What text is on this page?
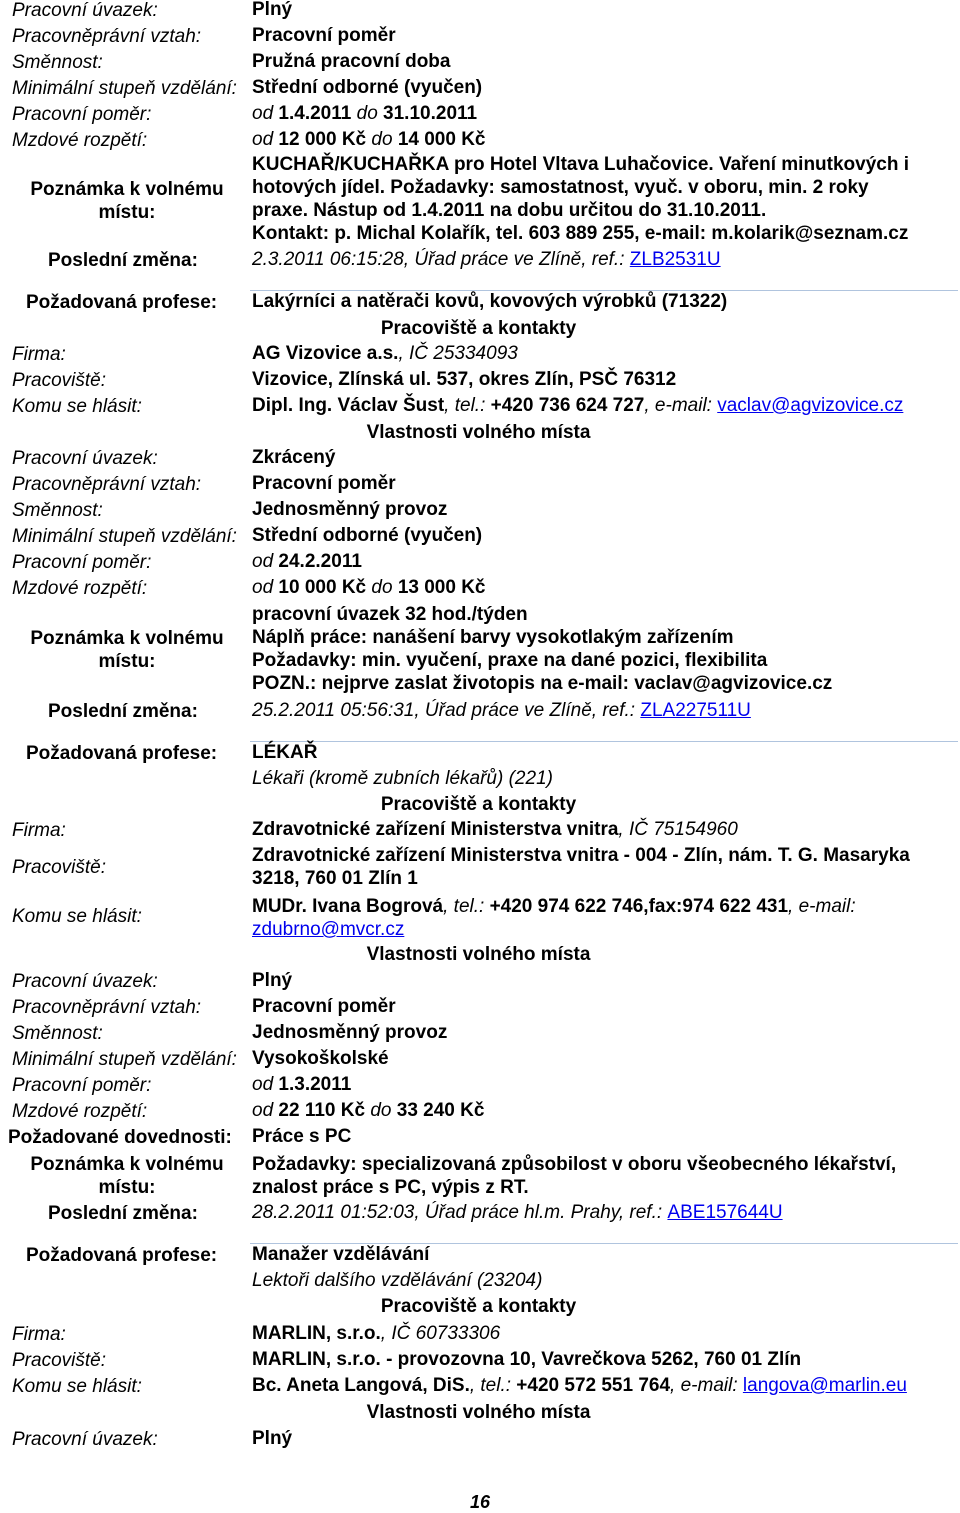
Pracovní úvazek:	Plný
Pracovněprávní vztah:	Pracovní poměr
Směnnost:	Pružná pracovní doba
Minimální stupeň vzdělání: Střední odborné (vyučen)
Pracovní poměr:	od 1.4.2011 do 31.10.2011
Mzdové rozpětí:	od 12 000 Kč do 14 000 Kč
Poznámka k volnému
místu:
KUCHAŘ/KUCHAŘKA pro Hotel Vltava Luhačovice. Vaření minutkových i
hotových jídel. Požadavky: samostatnost, vyuč. v oboru, min. 2 roky
praxe. Nástup od 1.4.2011 na dobu určitou do 31.10.2011.
Kontakt: p. Michal Kolařík, tel. 603 889 255, e-mail: m.kolarik@seznam.cz
Poslední změna:	2.3.2011 06:15:28, Úřad práce ve Zlíně, ref.: ZLB2531U
Požadovaná profese: Lakýrníci a natěrači kovů, kovových výrobků (71322)
Pracoviště a kontakty
Firma:	AG Vizovice a.s., IČ 25334093
Pracoviště:	Vizovice, Zlínská ul. 537, okres Zlín, PSČ 76312
Komu se hlásit:	Dipl. Ing. Václav Šust, tel.: +420 736 624 727, e-mail: vaclav@agvizovice.cz
Vlastnosti volného místa
Pracovní úvazek:	Zkrácený
Pracovněprávní vztah:	Pracovní poměr
Směnnost:	Jednosměnný provoz
Minimální stupeň vzdělání: Střední odborné (vyučen)
Pracovní poměr:	od 24.2.2011
Mzdové rozpětí:	od 10 000 Kč do 13 000 Kč
Poznámka k volnému
místu:
pracovní úvazek 32 hod./týden
Náplň práce: nanášení barvy vysokotlakým zařízením
Požadavky: min. vyučení, praxe na dané pozici, flexibilita
POZN.: nejprve zaslat životopis na e-mail: vaclav@agvizovice.cz
Poslední změna:	25.2.2011 05:56:31, Úřad práce ve Zlíně, ref.: ZLA227511U
Požadovaná profese: LÉKAŘ
Lékaři (kromě zubních lékařů) (221)
Pracoviště a kontakty
Firma:	Zdravotnické zařízení Ministerstva vnitra, IČ 75154960
Pracoviště:
Zdravotnické zařízení Ministerstva vnitra - 004 - Zlín, nám. T. G. Masaryka
3218, 760 01 Zlín 1
Komu se hlásit:	MUDr. Ivana Bogrová, tel.: +420 974 622 746,fax:974 622 431, e-mail:
zdubrno@mvcr.cz
Vlastnosti volného místa
Pracovní úvazek:	Plný
Pracovněprávní vztah:	Pracovní poměr
Směnnost:	Jednosměnný provoz
Minimální stupeň vzdělání: Vysokoškolské
Pracovní poměr:	od 1.3.2011
Mzdové rozpětí:	od 22 110 Kč do 33 240 Kč
Požadované dovednosti: Práce s PC
Poznámka k volnému
místu:
Požadavky: specializovaná způsobilost v oboru všeobecného lékařství,
znalost práce s PC, výpis z RT.
Poslední změna:	28.2.2011 01:52:03, Úřad práce hl.m. Prahy, ref.: ABE157644U
Požadovaná profese: Manažer vzdělávání
Lektoři dalšího vzdělávání (23204)
Pracoviště a kontakty
Firma:	MARLIN, s.r.o., IČ 60733306
Pracoviště:	MARLIN, s.r.o. - provozovna 10, Vavrečkova 5262, 760 01 Zlín
Komu se hlásit:	Bc. Aneta Langová, DiS., tel.: +420 572 551 764, e-mail: langova@marlin.eu
Vlastnosti volného místa
Pracovní úvazek:	Plný
16
